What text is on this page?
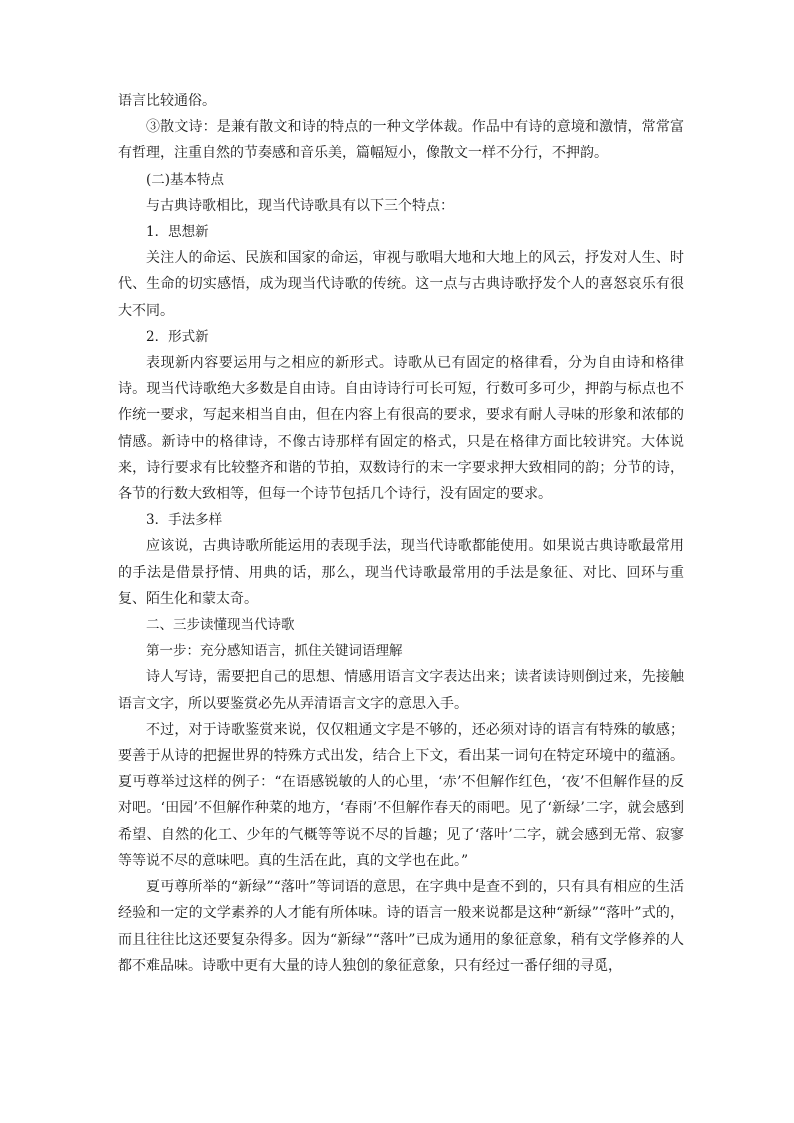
语言比较通俗。

③散文诗：是兼有散文和诗的特点的一种文学体裁。作品中有诗的意境和激情，常常富有哲理，注重自然的节奏感和音乐美，篇幅短小，像散文一样不分行，不押韵。

(二)基本特点

与古典诗歌相比，现当代诗歌具有以下三个特点：

1．思想新

关注人的命运、民族和国家的命运，审视与歌唱大地和大地上的风云，抒发对人生、时代、生命的切实感悟，成为现当代诗歌的传统。这一点与古典诗歌抒发个人的喜怒哀乐有很大不同。

2．形式新

表现新内容要运用与之相应的新形式。诗歌从已有固定的格律看，分为自由诗和格律诗。现当代诗歌绝大多数是自由诗。自由诗诗行可长可短，行数可多可少，押韵与标点也不作统一要求，写起来相当自由，但在内容上有很高的要求，要求有耐人寻味的形象和浓郁的情感。新诗中的格律诗，不像古诗那样有固定的格式，只是在格律方面比较讲究。大体说来，诗行要求有比较整齐和谐的节拍，双数诗行的末一字要求押大致相同的韵；分节的诗，各节的行数大致相等，但每一个诗节包括几个诗行，没有固定的要求。

3．手法多样

应该说，古典诗歌所能运用的表现手法，现当代诗歌都能使用。如果说古典诗歌最常用的手法是借景抒情、用典的话，那么，现当代诗歌最常用的手法是象征、对比、回环与重复、陌生化和蒙太奇。

二、三步读懂现当代诗歌

第一步：充分感知语言，抓住关键词语理解

诗人写诗，需要把自己的思想、情感用语言文字表达出来；读者读诗则倒过来，先接触语言文字，所以要鉴赏必先从弄清语言文字的意思入手。

不过，对于诗歌鉴赏来说，仅仅粗通文字是不够的，还必须对诗的语言有特殊的敏感；要善于从诗的把握世界的特殊方式出发，结合上下文，看出某一词句在特定环境中的蕴涵。夏丏尊举过这样的例子：“在语感锐敏的人的心里，‘赤’不但解作红色，‘夜’不但解作昼的反对吧。‘田园’不但解作种菜的地方，‘春雨’不但解作春天的雨吧。见了‘新绿’二字，就会感到希望、自然的化工、少年的气概等等说不尽的旨趣；见了‘落叶’二字，就会感到无常、寂寥等等说不尽的意味吧。真的生活在此，真的文学也在此。”

夏丏尊所举的“新绿”“落叶”等词语的意思，在字典中是查不到的，只有具有相应的生活经验和一定的文学素养的人才能有所体味。诗的语言一般来说都是这种“新绿”“落叶”式的，而且往往比这还要复杂得多。因为“新绿”“落叶”已成为通用的象征意象，稍有文学修养的人都不难品味。诗歌中更有大量的诗人独创的象征意象，只有经过一番仔细的寻觅，
